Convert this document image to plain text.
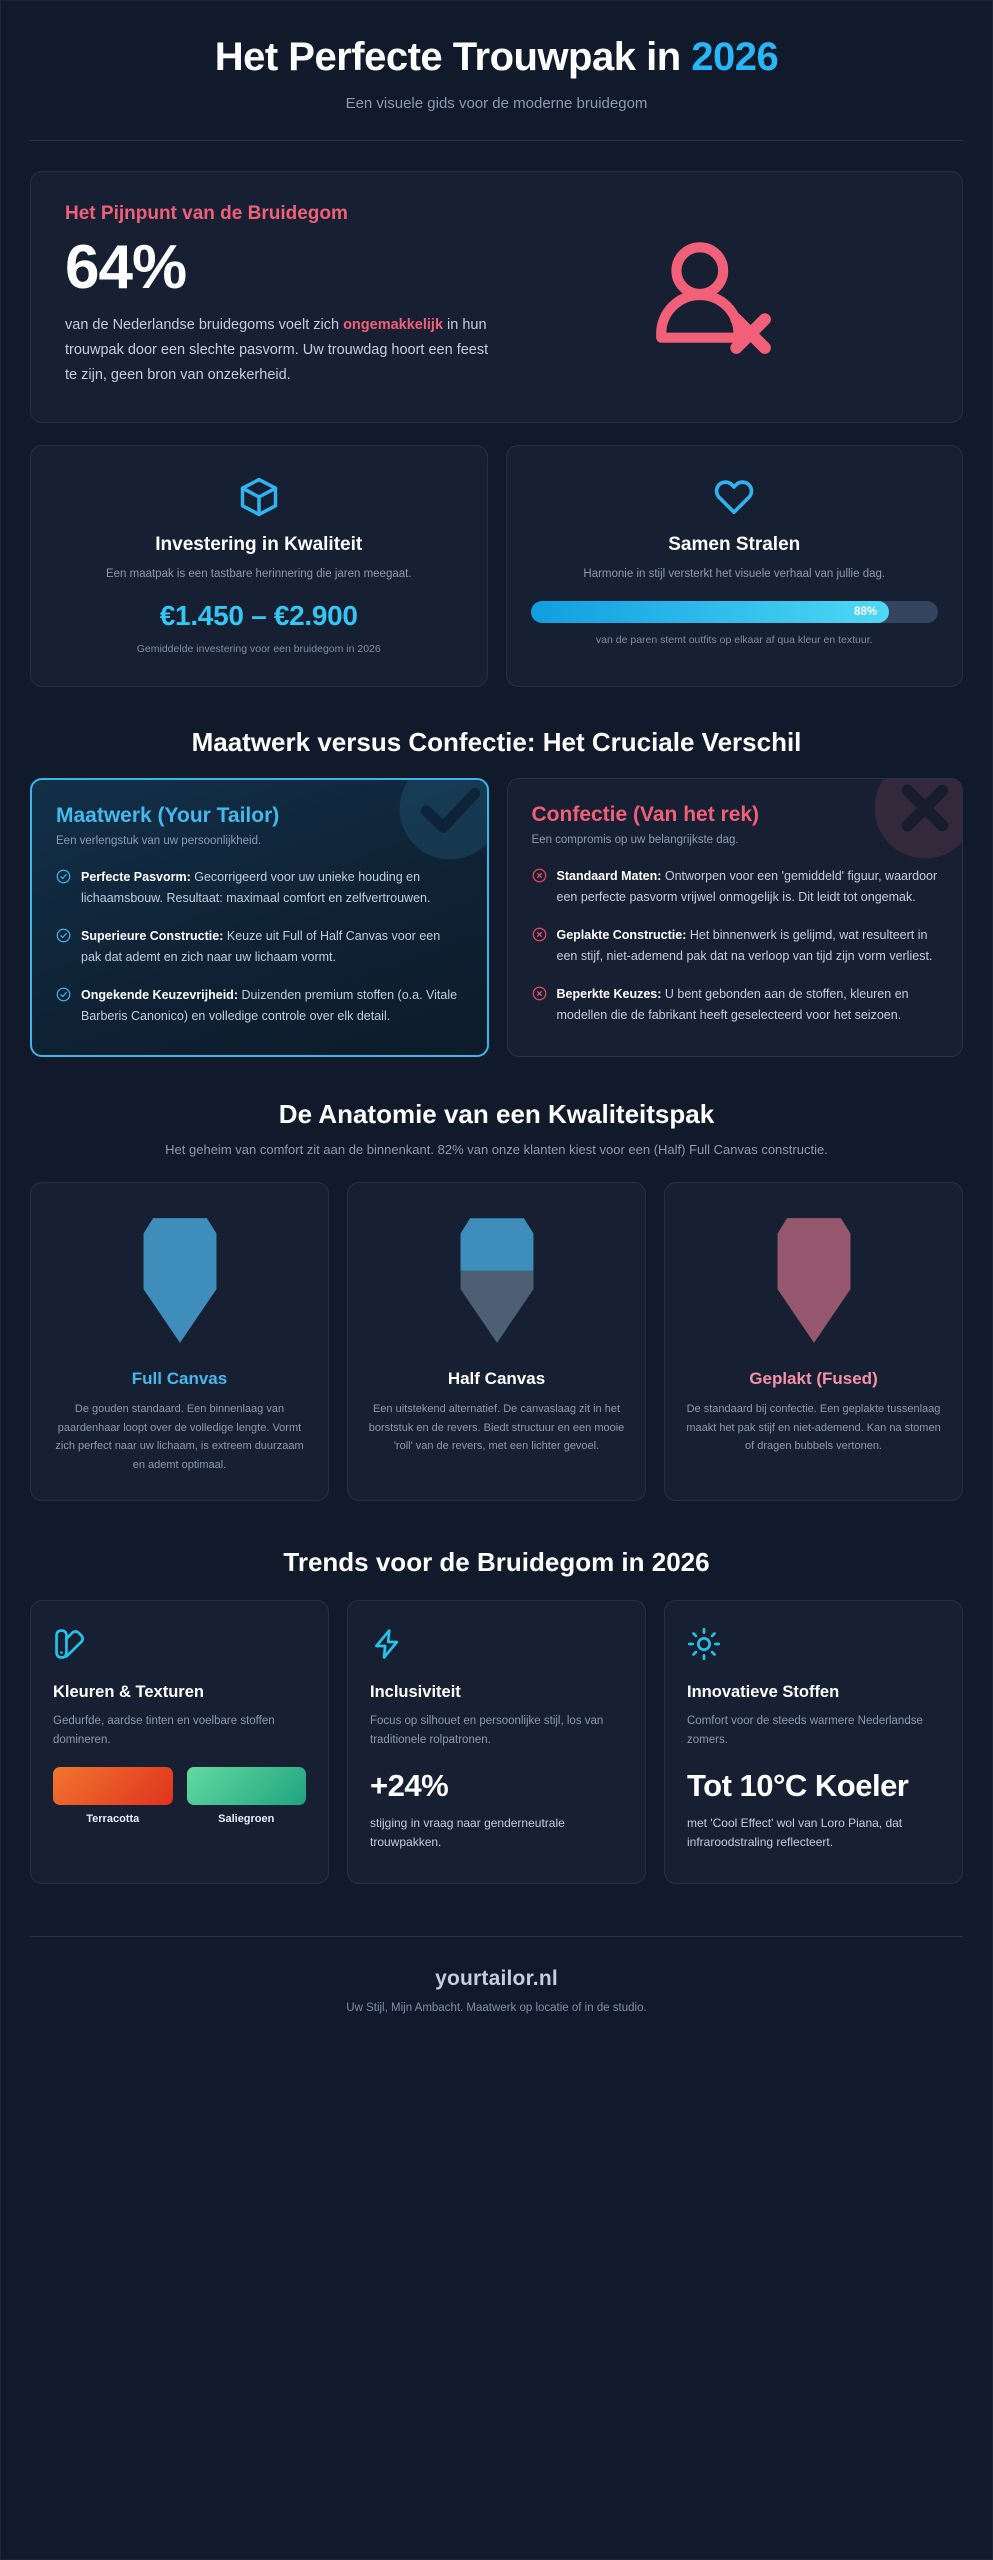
Het Perfecte Trouwpak in 2026
Een visuele gids voor de moderne bruidegom
Het Pijnpunt van de Bruidegom
64%

van de Nederlandse bruidegoms voelt zich ongemakkelijk in hun trouwpak door een slechte pasvorm. Uw trouwdag hoort een feest te zijn, geen bron van onzekerheid.

Investering in Kwaliteit
Een maatpak is een tastbare herinnering die jaren meegaat.
€1.450 – €2.900
Gemiddelde investering voor een bruidegom in 2026
Samen Stralen
Harmonie in stijl versterkt het visuele verhaal van jullie dag.
88%
van de paren stemt outfits op elkaar af qua kleur en textuur.
Maatwerk versus Confectie: Het Cruciale Verschil
Maatwerk (Your Tailor)
Een verlengstuk van uw persoonlijkheid.
Perfecte Pasvorm: Gecorrigeerd voor uw unieke houding en lichaamsbouw. Resultaat: maximaal comfort en zelfvertrouwen.
Superieure Constructie: Keuze uit Full of Half Canvas voor een pak dat ademt en zich naar uw lichaam vormt.
Ongekende Keuzevrijheid: Duizenden premium stoffen (o.a. Vitale Barberis Canonico) en volledige controle over elk detail.
Confectie (Van het rek)
Een compromis op uw belangrijkste dag.
Standaard Maten: Ontworpen voor een 'gemiddeld' figuur, waardoor een perfecte pasvorm vrijwel onmogelijk is. Dit leidt tot ongemak.
Geplakte Constructie: Het binnenwerk is gelijmd, wat resulteert in een stijf, niet-ademend pak dat na verloop van tijd zijn vorm verliest.
Beperkte Keuzes: U bent gebonden aan de stoffen, kleuren en modellen die de fabrikant heeft geselecteerd voor het seizoen.
De Anatomie van een Kwaliteitspak
Het geheim van comfort zit aan de binnenkant. 82% van onze klanten kiest voor een (Half) Full Canvas constructie.
Full Canvas
De gouden standaard. Een binnenlaag van paardenhaar loopt over de volledige lengte. Vormt zich perfect naar uw lichaam, is extreem duurzaam en ademt optimaal.
Half Canvas
Een uitstekend alternatief. De canvaslaag zit in het borststuk en de revers. Biedt structuur en een mooie 'roll' van de revers, met een lichter gevoel.
Geplakt (Fused)
De standaard bij confectie. Een geplakte tussenlaag maakt het pak stijf en niet-ademend. Kan na stomen of dragen bubbels vertonen.
Trends voor de Bruidegom in 2026
Kleuren & Texturen
Gedurfde, aardse tinten en voelbare stoffen domineren.
Terracotta	Saliegroen
Inclusiviteit
Focus op silhouet en persoonlijke stijl, los van traditionele rolpatronen.
+24%
stijging in vraag naar genderneutrale trouwpakken.
Innovatieve Stoffen
Comfort voor de steeds warmere Nederlandse zomers.
Tot 10°C Koeler
met 'Cool Effect' wol van Loro Piana, dat infraroodstraling reflecteert.
yourtailor.nl
Uw Stijl, Mijn Ambacht. Maatwerk op locatie of in de studio.
